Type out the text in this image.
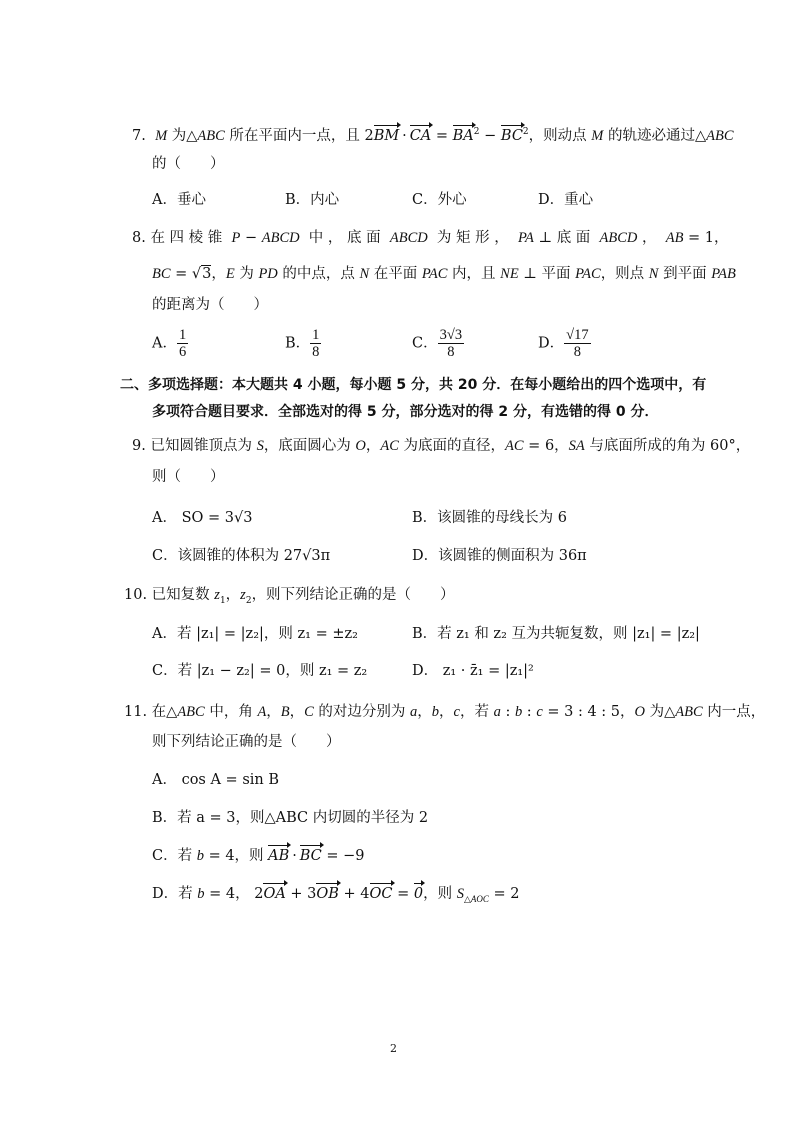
7. M 为△ABC 所在平面内一点，且 2BM · CA = $BA^2 - BC^2$，则动点 M 的轨迹必通过△ABC
的（　　）
A．垂心	B．内心	C．外心	D．重心
8. 在 四 棱 锥  P − ABCD  中 ， 底 面  ABCD  为 矩 形 ，  PA ⊥ 底 面  ABCD ，  AB = 1，
BC = √3，E 为 PD 的中点，点 N 在平面 PAC 内，且 NE ⊥ 平面 PAC，则点 N 到平面 PAB
的距离为（　　）
A． $\frac{1}{6}$	B． $\frac{1}{8}$	C． $\frac{3√3}{8}$	D． $\frac{√17}{8}$
二、多项选择题：本大题共 4 小题，每小题 5 分，共 20 分．在每小题给出的四个选项中，有
多项符合题目要求．全部选对的得 5 分，部分选对的得 2 分，有选错的得 0 分．
9. 已知圆锥顶点为 S，底面圆心为 O，AC 为底面的直径，AC = 6，SA 与底面所成的角为 60°，
则（　　）
A． SO = 3√3	B．该圆锥的母线长为 6
C．该圆锥的体积为 27√3π	D．该圆锥的侧面积为 36π
10. 已知复数 $z_1$，$z_2$，则下列结论正确的是（　　）
A．若 |z₁| = |z₂|，则 z₁ = ±z₂	B．若 z₁ 和 z₂ 互为共轭复数，则 |z₁| = |z₂|
C．若 |z₁ − z₂| = 0，则 z₁ = z₂	D． z₁ · z̄₁ = |z₁|²
11. 在△ABC 中，角 A，B，C 的对边分别为 a，b，c，若 a : b : c = 3 : 4 : 5，O 为△ABC 内一点，
则下列结论正确的是（　　）
A． cos A = sin B
B．若 a = 3，则△ABC 内切圆的半径为 2
C．若 b = 4，则 AB · BC = −9
D．若 b = 4， 2OA + 3OB + 4OC = 0，则 $S_{\triangle AOC} = 2$
2
